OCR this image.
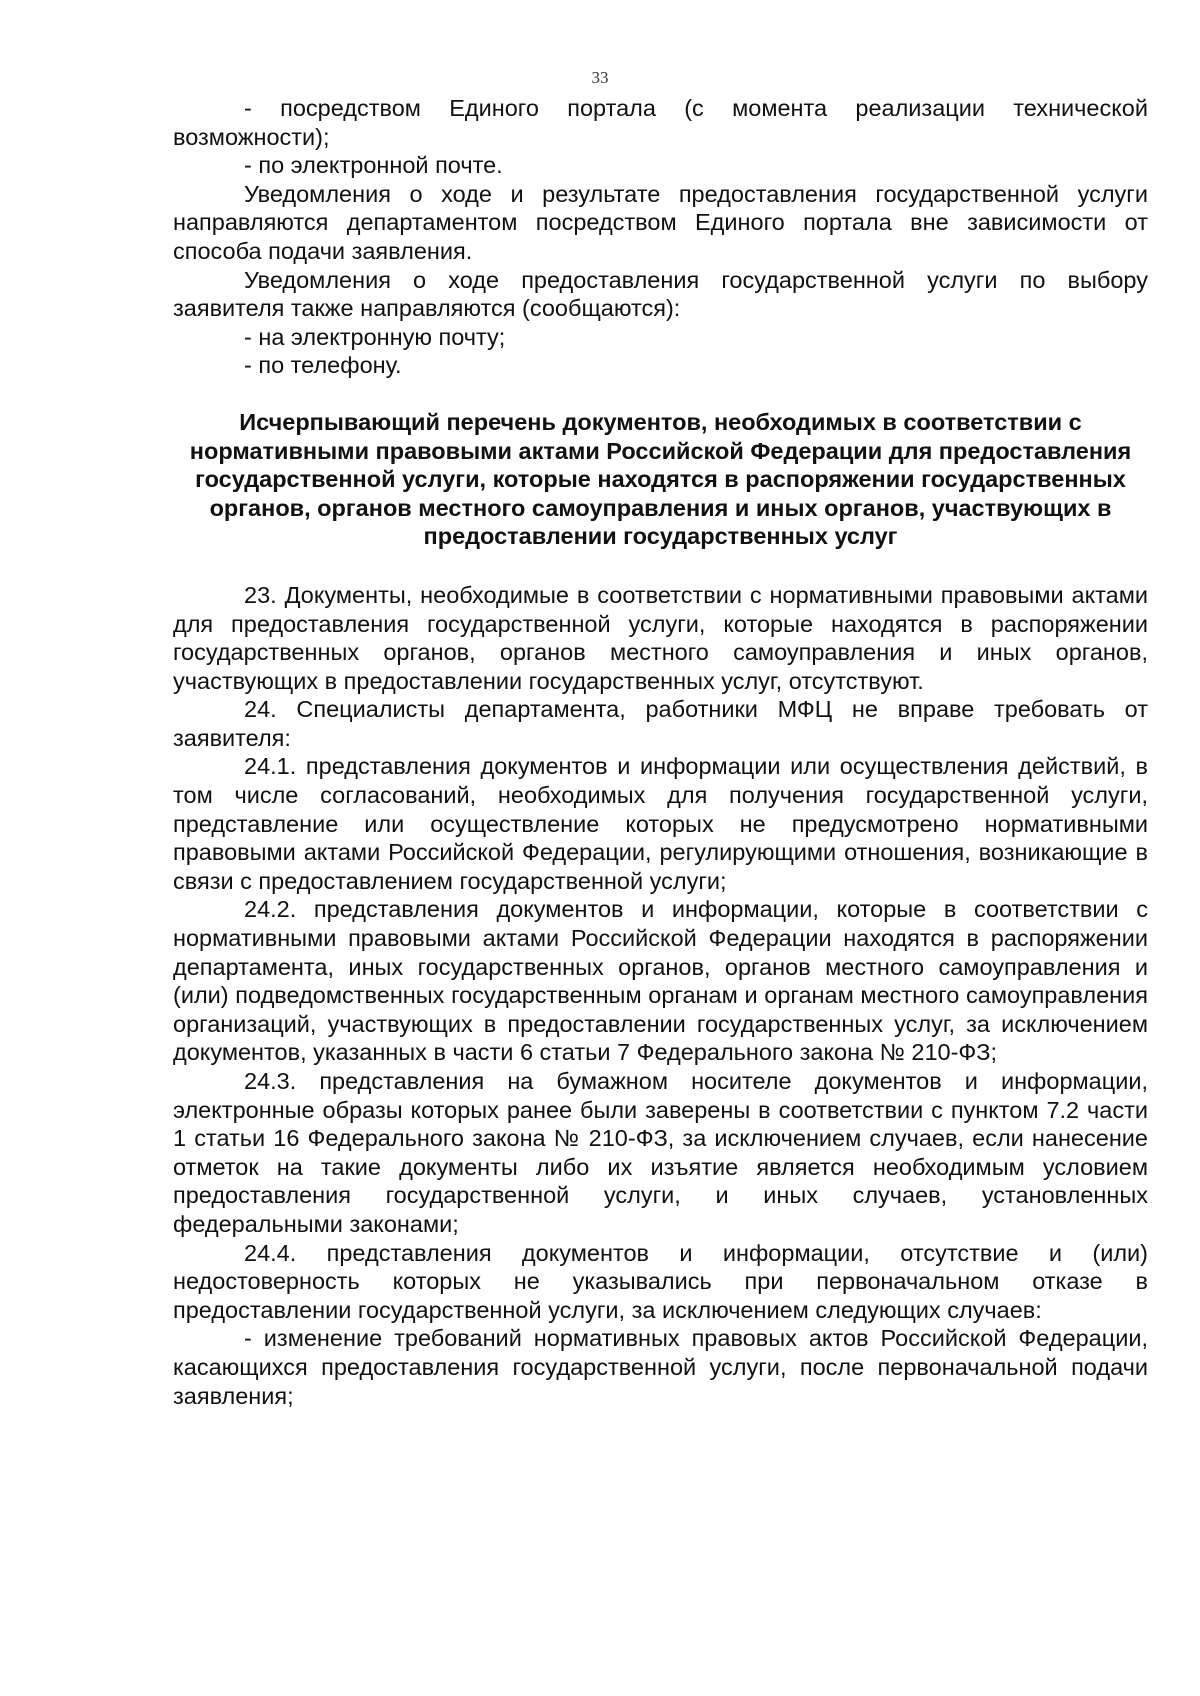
33

- посредством Единого портала (с момента реализации технической возможности);

- по электронной почте.

Уведомления о ходе и результате предоставления государственной услуги направляются департаментом посредством Единого портала вне зависимости от способа подачи заявления.

Уведомления о ходе предоставления государственной услуги по выбору заявителя также направляются (сообщаются):

- на электронную почту;

- по телефону.

Исчерпывающий перечень документов, необходимых в соответствии с нормативными правовыми актами Российской Федерации для предоставления государственной услуги, которые находятся в распоряжении государственных органов, органов местного самоуправления и иных органов, участвующих в предоставлении государственных услуг

23. Документы, необходимые в соответствии с нормативными правовыми актами для предоставления государственной услуги, которые находятся в распоряжении государственных органов, органов местного самоуправления и иных органов, участвующих в предоставлении государственных услуг, отсутствуют.

24. Специалисты департамента, работники МФЦ не вправе требовать от заявителя:

24.1. представления документов и информации или осуществления действий, в том числе согласований, необходимых для получения государственной услуги, представление или осуществление которых не предусмотрено нормативными правовыми актами Российской Федерации, регулирующими отношения, возникающие в связи с предоставлением государственной услуги;

24.2. представления документов и информации, которые в соответствии с нормативными правовыми актами Российской Федерации находятся в распоряжении департамента, иных государственных органов, органов местного самоуправления и (или) подведомственных государственным органам и органам местного самоуправления организаций, участвующих в предоставлении государственных услуг, за исключением документов, указанных в части 6 статьи 7 Федерального закона № 210-ФЗ;

24.3. представления на бумажном носителе документов и информации, электронные образы которых ранее были заверены в соответствии с пунктом 7.2 части 1 статьи 16 Федерального закона № 210-ФЗ, за исключением случаев, если нанесение отметок на такие документы либо их изъятие является необходимым условием предоставления государственной услуги, и иных случаев, установленных федеральными законами;

24.4. представления документов и информации, отсутствие и (или) недостоверность которых не указывались при первоначальном отказе в предоставлении государственной услуги, за исключением следующих случаев:

- изменение требований нормативных правовых актов Российской Федерации, касающихся предоставления государственной услуги, после первоначальной подачи заявления;
